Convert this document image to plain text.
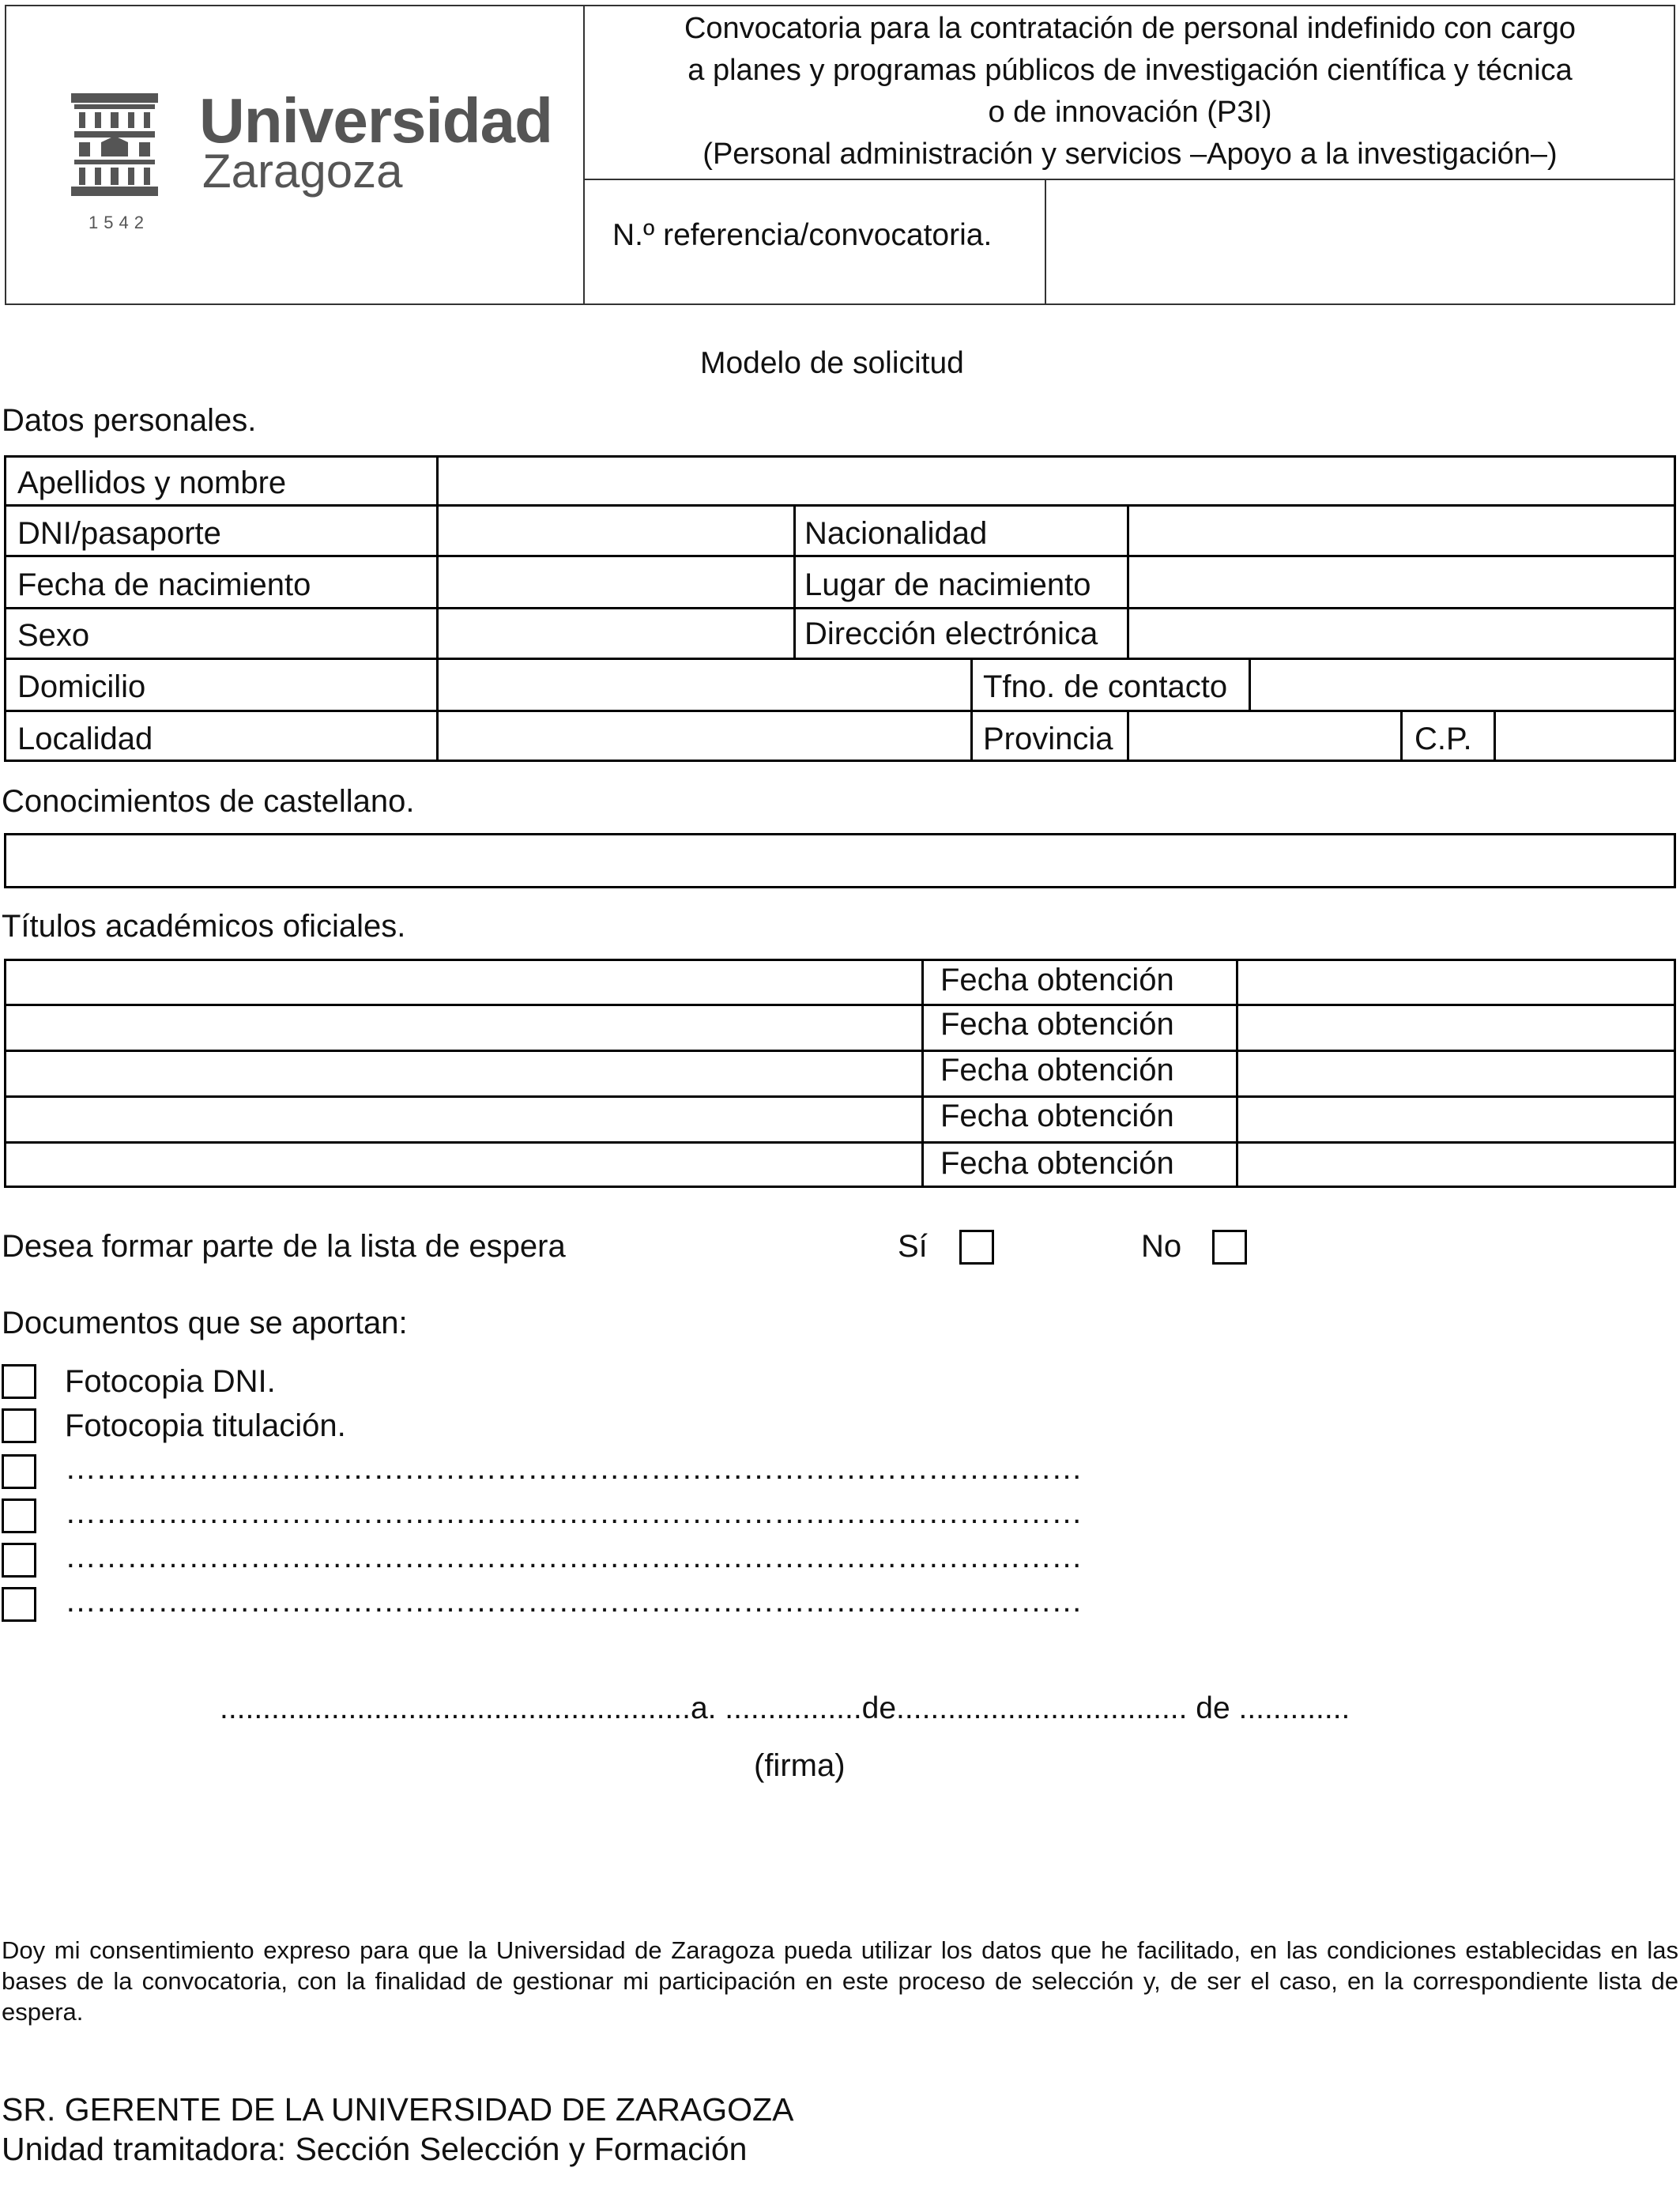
Universidad
Zaragoza
1542
Convocatoria para la contratación de personal indefinido con cargo
a planes y programas públicos de investigación científica y técnica
o de innovación (P3I)
(Personal administración y servicios –Apoyo a la investigación–)
N.º referencia/convocatoria.
Modelo de solicitud
Datos personales.
Apellidos y nombre
DNI/pasaporte	Nacionalidad
Fecha de nacimiento	Lugar de nacimiento
Sexo	Dirección electrónica
Domicilio	Tfno. de contacto
Localidad	Provincia	C.P.
Conocimientos de castellano.
Títulos académicos oficiales.
Fecha obtención
Fecha obtención
Fecha obtención
Fecha obtención
Fecha obtención
Desea formar parte de la lista de espera	Sí	No
Documentos que se aportan:
Fotocopia DNI.
Fotocopia titulación.
………………………………………………………………………………………
………………………………………………………………………………………
………………………………………………………………………………………
………………………………………………………………………………………
.......................................................a. ................de.................................. de .............
(firma)
Doy mi consentimiento expreso para que la Universidad de Zaragoza pueda utilizar los datos que he facilitado, en las condiciones establecidas en las bases de la convocatoria, con la finalidad de gestionar mi participación en este proceso de selección y, de ser el caso, en la correspondiente lista de espera.
SR. GERENTE DE LA UNIVERSIDAD DE ZARAGOZA
Unidad tramitadora: Sección Selección y Formación
